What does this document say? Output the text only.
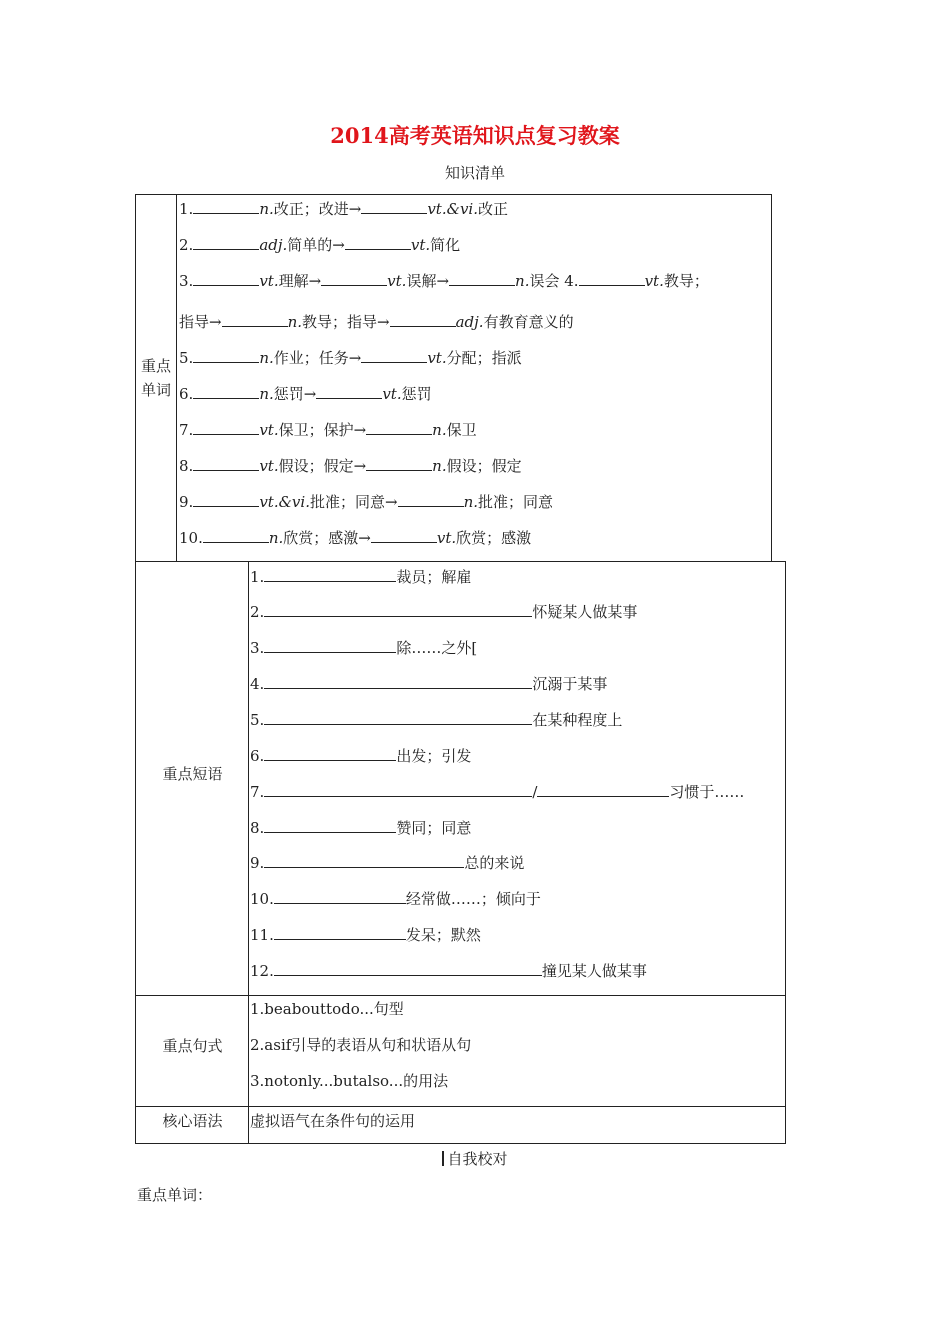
2014高考英语知识点复习教案
知识清单
重点单词
1.	n.改正；改进→	vt.&vi.改正
2.	adj.简单的→	vt.简化
3.	vt.理解→	vt.误解→	n.误会 4.	vt.教导；
指导→	n.教导；指导→	adj.有教育意义的
5.	n.作业；任务→	vt.分配；指派
6.	n.惩罚→	vt.惩罚
7.	vt.保卫；保护→	n.保卫
8.	vt.假设；假定→	n.假设；假定
9.	vt.&vi.批准；同意→	n.批准；同意
10.	n.欣赏；感激→	vt.欣赏；感激
重点短语
1.	裁员；解雇
2.	怀疑某人做某事
3.	除……之外[
4.	沉溺于某事
5.	在某种程度上
6.	出发；引发
7.	/	习惯于……
8.	赞同；同意
9.	总的来说
10.	经常做……；倾向于
11.	发呆；默然
12.	撞见某人做某事
重点句式
1.beabouttodo...句型
2.asif引导的表语从句和状语从句
3.notonly...butalso...的用法
核心语法	虚拟语气在条件句的运用
自我校对
重点单词：
